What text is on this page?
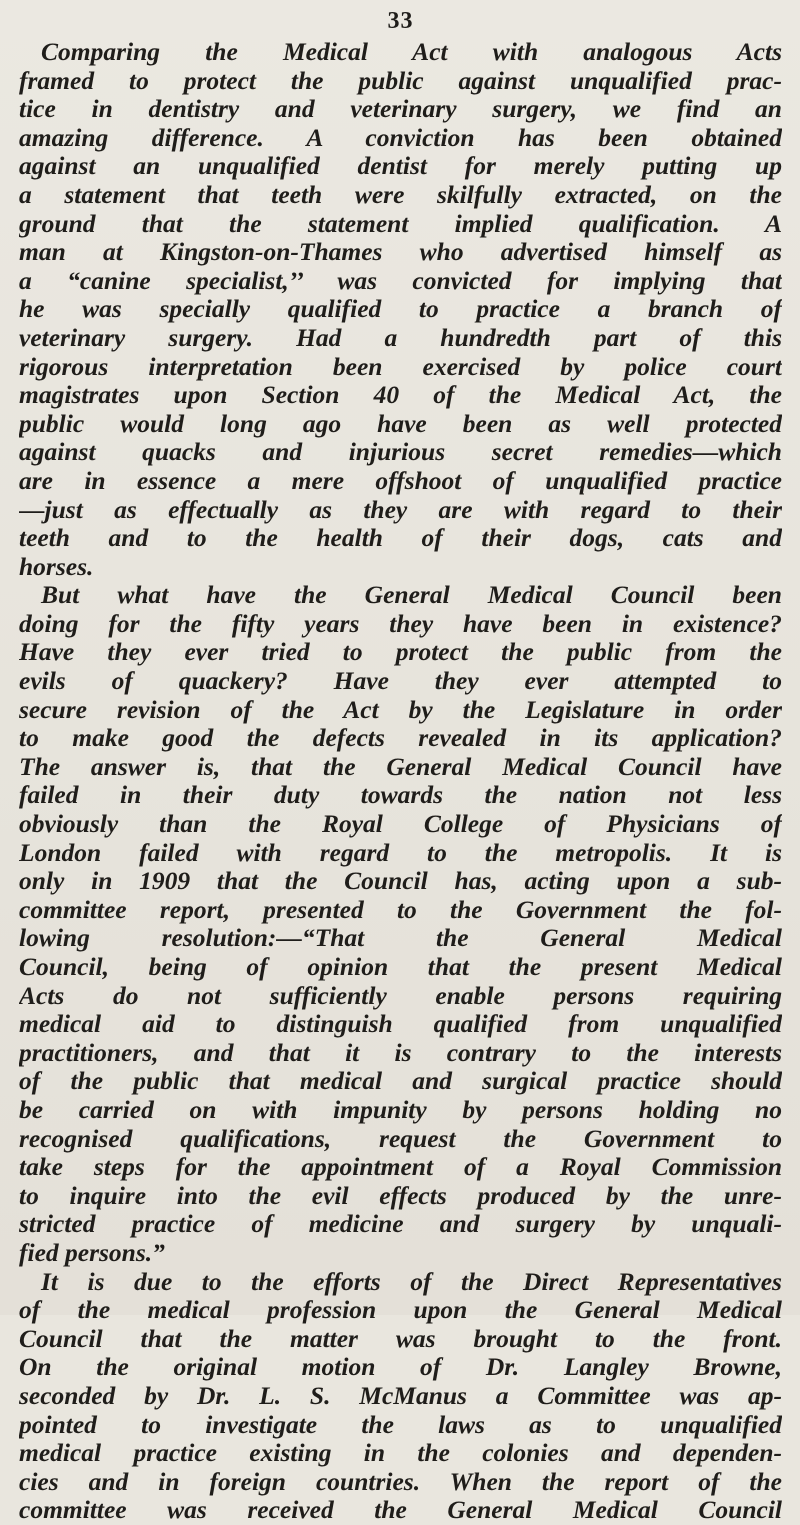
33
Comparing the Medical Act with analogous Acts
framed to protect the public against unqualified prac-
tice in dentistry and veterinary surgery, we find an
amazing difference. A conviction has been obtained
against an unqualified dentist for merely putting up
a statement that teeth were skilfully extracted, on the
ground that the statement implied qualification. A
man at Kingston-on-Thames who advertised himself as
a “canine specialist,’’ was convicted for implying that
he was specially qualified to practice a branch of
veterinary surgery. Had a hundredth part of this
rigorous interpretation been exercised by police court
magistrates upon Section 40 of the Medical Act, the
public would long ago have been as well protected
against quacks and injurious secret remedies—which
are in essence a mere offshoot of unqualified practice
—just as effectually as they are with regard to their
teeth and to the health of their dogs, cats and
horses.
But what have the General Medical Council been
doing for the fifty years they have been in existence?
Have they ever tried to protect the public from the
evils of quackery? Have they ever attempted to
secure revision of the Act by the Legislature in order
to make good the defects revealed in its application?
The answer is, that the General Medical Council have
failed in their duty towards the nation not less
obviously than the Royal College of Physicians of
London failed with regard to the metropolis. It is
only in 1909 that the Council has, acting upon a sub-
committee report, presented to the Government the fol-
lowing resolution:—“That the General Medical
Council, being of opinion that the present Medical
Acts do not sufficiently enable persons requiring
medical aid to distinguish qualified from unqualified
practitioners, and that it is contrary to the interests
of the public that medical and surgical practice should
be carried on with impunity by persons holding no
recognised qualifications, request the Government to
take steps for the appointment of a Royal Commission
to inquire into the evil effects produced by the unre-
stricted practice of medicine and surgery by unquali-
fied persons.”
It is due to the efforts of the Direct Representatives
of the medical profession upon the General Medical
Council that the matter was brought to the front.
On the original motion of Dr. Langley Browne,
seconded by Dr. L. S. McManus a Committee was ap-
pointed to investigate the laws as to unqualified
medical practice existing in the colonies and dependen-
cies and in foreign countries. When the report of the
committee was received the General Medical Council
